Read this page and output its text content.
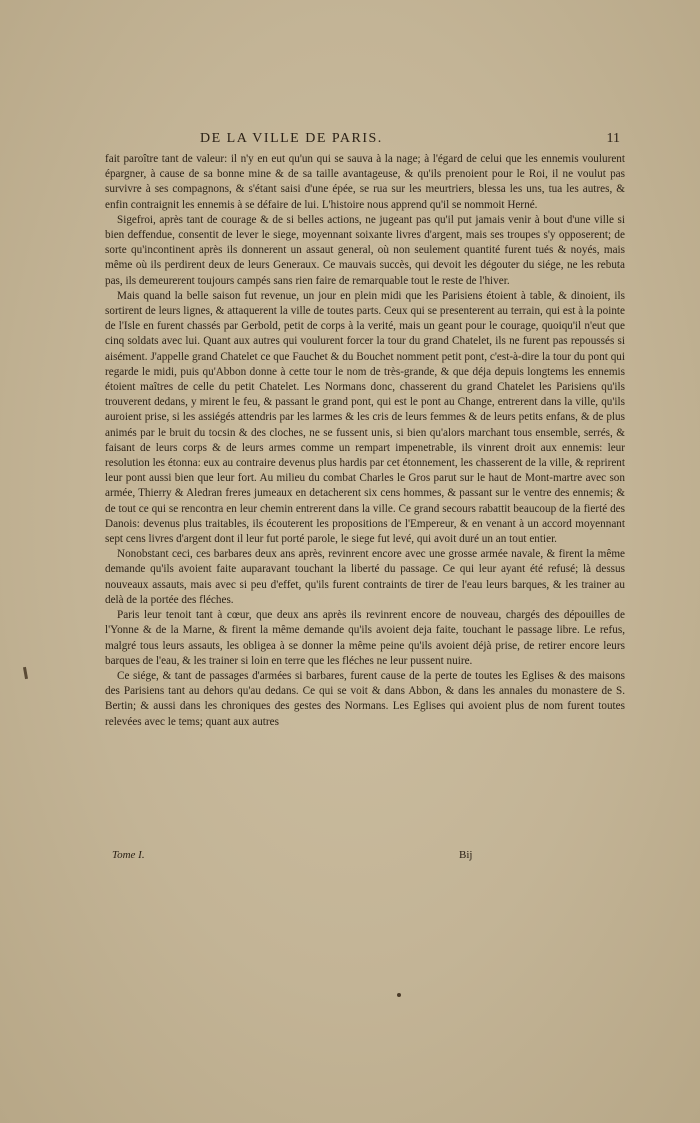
DE LA VILLE DE PARIS.	11

fait paroître tant de valeur: il n'y en eut qu'un qui se sauva à la nage; à l'égard de celui que les ennemis voulurent épargner, à cause de sa bonne mine & de sa taille avantageuse, & qu'ils prenoient pour le Roi, il ne voulut pas survivre à ses compagnons, & s'étant saisi d'une épée, se rua sur les meurtriers, blessa les uns, tua les autres, & enfin contraignit les ennemis à se défaire de lui. L'histoire nous apprend qu'il se nommoit Herné.

Sigefroi, après tant de courage & de si belles actions, ne jugeant pas qu'il put jamais venir à bout d'une ville si bien deffendue, consentit de lever le siege, moyennant soixante livres d'argent, mais ses troupes s'y opposerent; de sorte qu'incontinent après ils donnerent un assaut general, où non seulement quantité furent tués & noyés, mais même où ils perdirent deux de leurs Generaux. Ce mauvais succès, qui devoit les dégouter du siége, ne les rebuta pas, ils demeurerent toujours campés sans rien faire de remarquable tout le reste de l'hiver.

Mais quand la belle saison fut revenue, un jour en plein midi que les Parisiens étoient à table, & dinoient, ils sortirent de leurs lignes, & attaquerent la ville de toutes parts. Ceux qui se presenterent au terrain, qui est à la pointe de l'Isle en furent chassés par Gerbold, petit de corps à la verité, mais un geant pour le courage, quoiqu'il n'eut que cinq soldats avec lui. Quant aux autres qui voulurent forcer la tour du grand Chatelet, ils ne furent pas repoussés si aisément. J'appelle grand Chatelet ce que Fauchet & du Bouchet nomment petit pont, c'est-à-dire la tour du pont qui regarde le midi, puis qu'Abbon donne à cette tour le nom de très-grande, & que déja depuis longtems les ennemis étoient maîtres de celle du petit Chatelet. Les Normans donc, chasserent du grand Chatelet les Parisiens qu'ils trouverent dedans, y mirent le feu, & passant le grand pont, qui est le pont au Change, entrerent dans la ville, qu'ils auroient prise, si les assiégés attendris par les larmes & les cris de leurs femmes & de leurs petits enfans, & de plus animés par le bruit du tocsin & des cloches, ne se fussent unis, si bien qu'alors marchant tous ensemble, serrés, & faisant de leurs corps & de leurs armes comme un rempart impenetrable, ils vinrent droit aux ennemis: leur resolution les étonna: eux au contraire devenus plus hardis par cet étonnement, les chasserent de la ville, & reprirent leur pont aussi bien que leur fort. Au milieu du combat Charles le Gros parut sur le haut de Mont-martre avec son armée, Thierry & Aledran freres jumeaux en detacherent six cens hommes, & passant sur le ventre des ennemis; & de tout ce qui se rencontra en leur chemin entrerent dans la ville. Ce grand secours rabattit beaucoup de la fierté des Danois: devenus plus traitables, ils écouterent les propositions de l'Empereur, & en venant à un accord moyennant sept cens livres d'argent dont il leur fut porté parole, le siege fut levé, qui avoit duré un an tout entier.

Nonobstant ceci, ces barbares deux ans après, revinrent encore avec une grosse armée navale, & firent la même demande qu'ils avoient faite auparavant touchant la liberté du passage. Ce qui leur ayant été refusé; là dessus nouveaux assauts, mais avec si peu d'effet, qu'ils furent contraints de tirer de l'eau leurs barques, & les trainer au delà de la portée des fléches.

Paris leur tenoit tant à cœur, que deux ans après ils revinrent encore de nouveau, chargés des dépouilles de l'Yonne & de la Marne, & firent la même demande qu'ils avoient deja faite, touchant le passage libre. Le refus, malgré tous leurs assauts, les obligea à se donner la même peine qu'ils avoient déjà prise, de retirer encore leurs barques de l'eau, & les trainer si loin en terre que les fléches ne leur pussent nuire.

Ce siége, & tant de passages d'armées si barbares, furent cause de la perte de toutes les Eglises & des maisons des Parisiens tant au dehors qu'au dedans. Ce qui se voit & dans Abbon, & dans les annales du monastere de S. Bertin; & aussi dans les chroniques des gestes des Normans. Les Eglises qui avoient plus de nom furent toutes relevées avec le tems; quant aux autres

Tome I.	Bij
